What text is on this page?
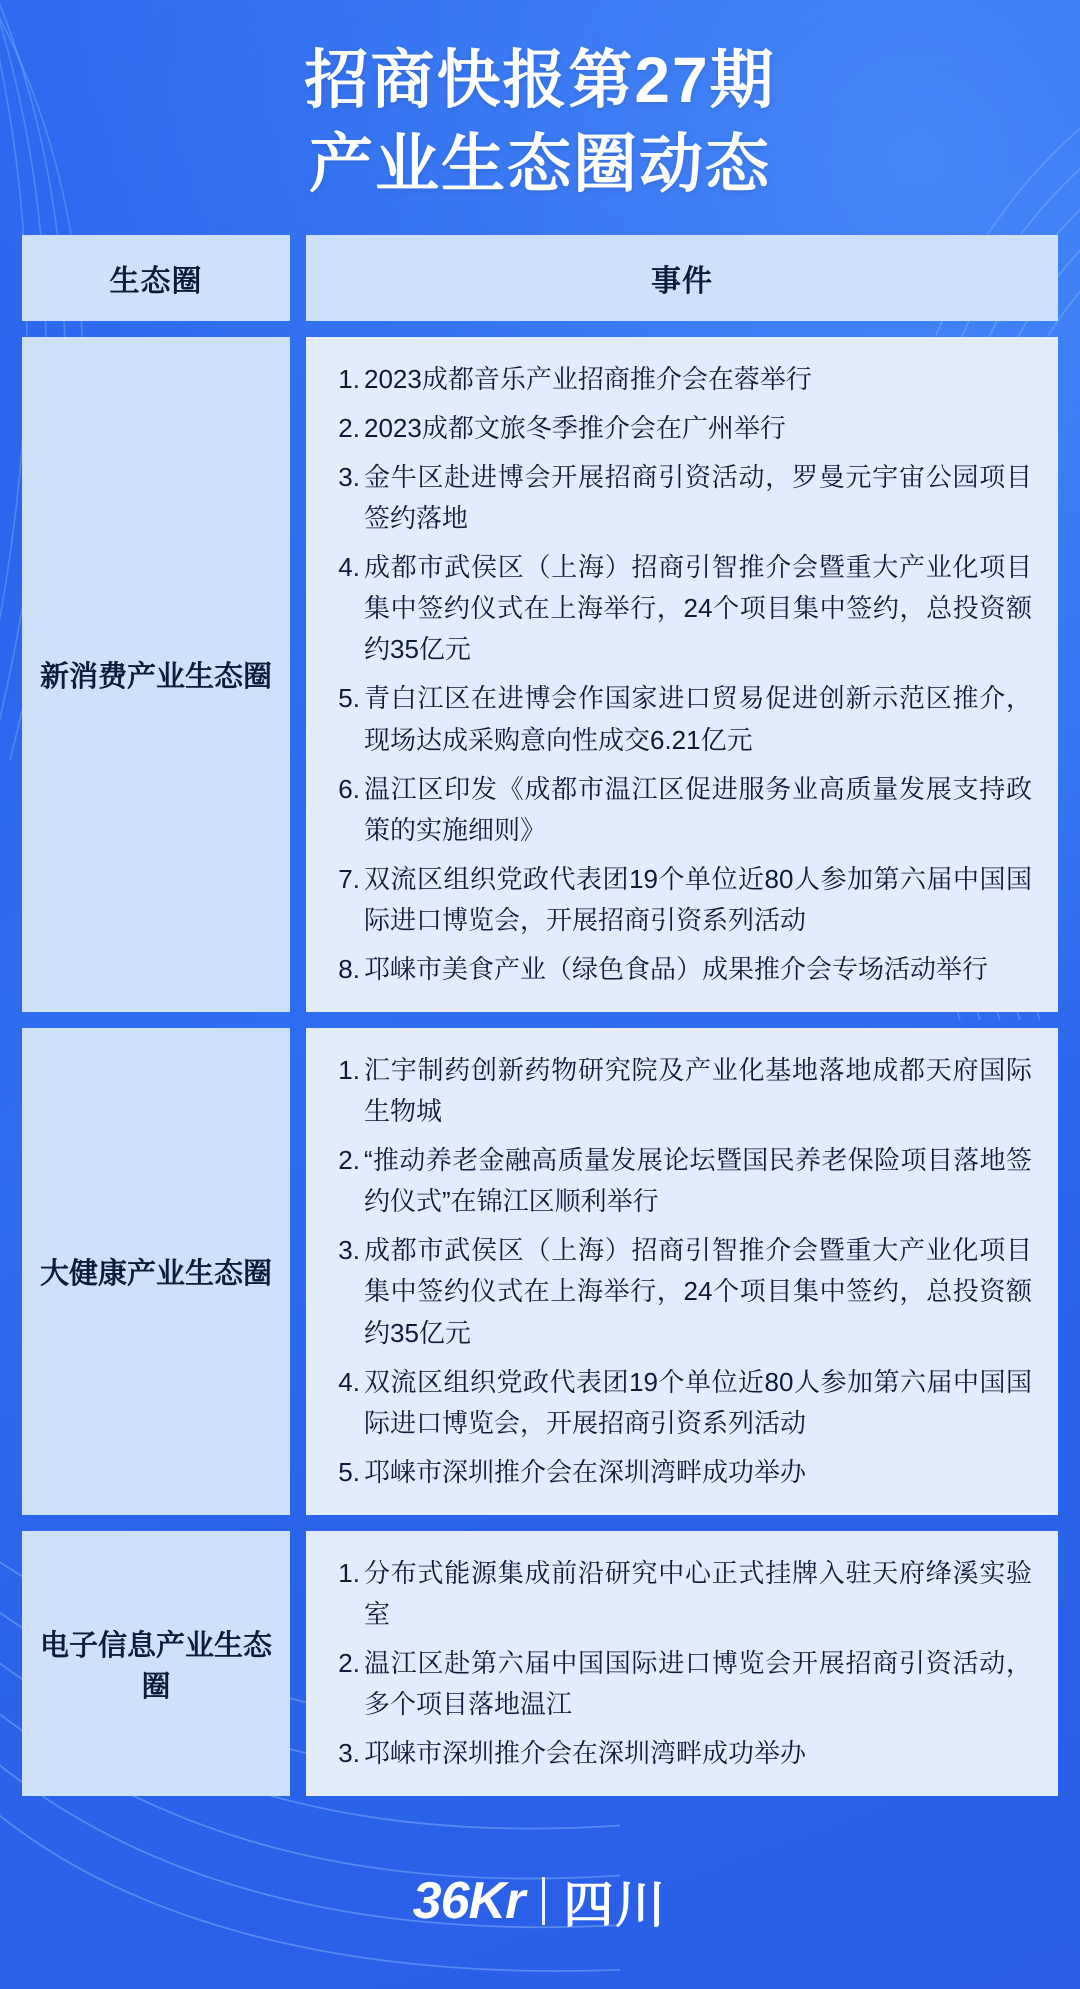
招商快报第27期
产业生态圈动态
生态圈	事件
新消费产业生态圈
2023成都音乐产业招商推介会在蓉举行
2023成都文旅冬季推介会在广州举行
金牛区赴进博会开展招商引资活动，罗曼元宇宙公园项目签约落地
成都市武侯区（上海）招商引智推介会暨重大产业化项目集中签约仪式在上海举行，24个项目集中签约，总投资额约35亿元
青白江区在进博会作国家进口贸易促进创新示范区推介，现场达成采购意向性成交6.21亿元
温江区印发《成都市温江区促进服务业高质量发展支持政策的实施细则》
双流区组织党政代表团19个单位近80人参加第六届中国国际进口博览会，开展招商引资系列活动
邛崃市美食产业（绿色食品）成果推介会专场活动举行
大健康产业生态圈
汇宇制药创新药物研究院及产业化基地落地成都天府国际生物城
“推动养老金融高质量发展论坛暨国民养老保险项目落地签约仪式”在锦江区顺利举行
成都市武侯区（上海）招商引智推介会暨重大产业化项目集中签约仪式在上海举行，24个项目集中签约，总投资额约35亿元
双流区组织党政代表团19个单位近80人参加第六届中国国际进口博览会，开展招商引资系列活动
邛崃市深圳推介会在深圳湾畔成功举办
电子信息产业生态圈
分布式能源集成前沿研究中心正式挂牌入驻天府绛溪实验室
温江区赴第六届中国国际进口博览会开展招商引资活动，多个项目落地温江
邛崃市深圳推介会在深圳湾畔成功举办
36Kr 四川
